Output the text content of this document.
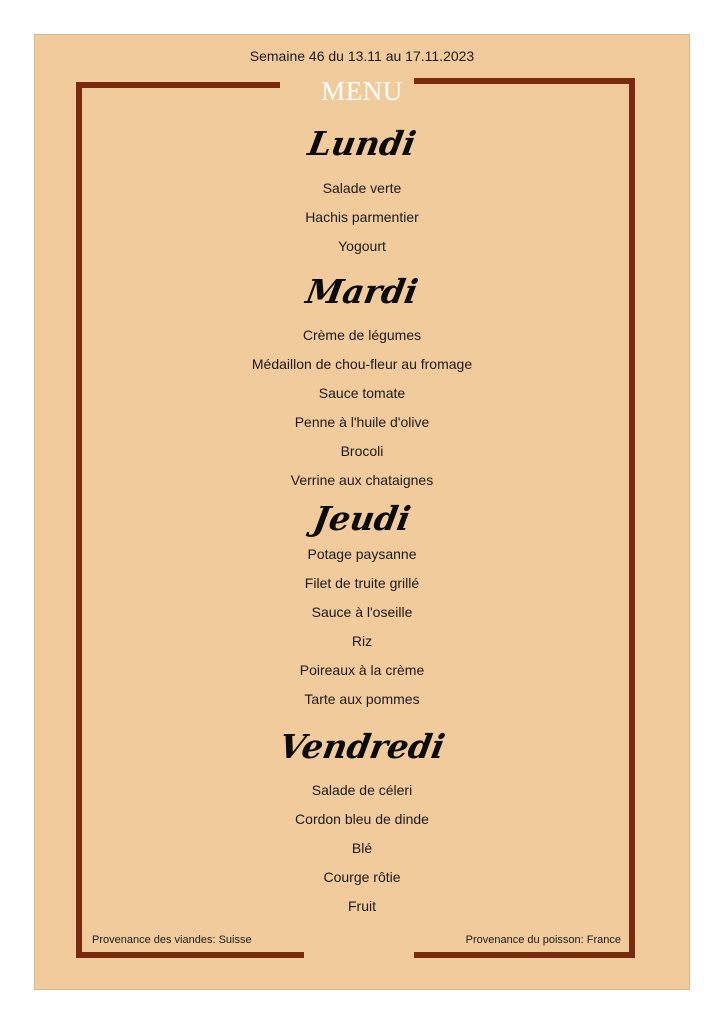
Semaine 46 du 13.11 au 17.11.2023
MENU
Lundi
Salade verte
Hachis parmentier
Yogourt
Mardi
Crème de légumes
Médaillon de chou-fleur au fromage
Sauce tomate
Penne à l'huile d'olive
Brocoli
Verrine aux chataignes
Jeudi
Potage paysanne
Filet de truite grillé
Sauce à l'oseille
Riz
Poireaux à la crème
Tarte aux pommes
Vendredi
Salade de céleri
Cordon bleu de dinde
Blé
Courge rôtie
Fruit
Provenance des viandes: Suisse	Provenance du poisson: France
